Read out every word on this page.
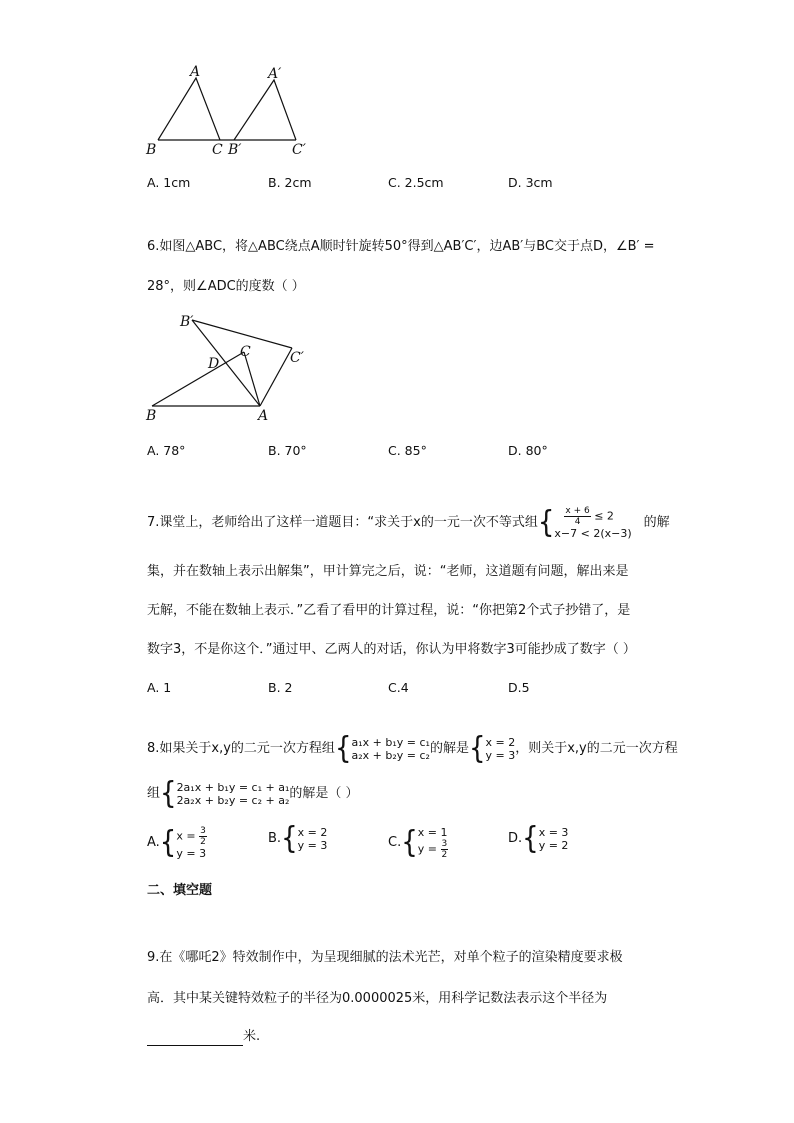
A	A′
B	C B′	C′
A. 1cm	B. 2cm	C. 2.5cm	D. 3cm
6.如图△ABC，将△ABC绕点A顺时针旋转50°得到△AB′C′，边AB′与BC交于点D，∠B′ =
28°，则∠ADC的度数（ ）
B′
C	C′
D
B	A
A. 78°	B. 70°	C. 85°	D. 80°
7.课堂上，老师给出了这样一道题目：“求关于x的一元一次不等式组 { $\frac{x + 6}{4} \le 2$
x−7 < 2(x−3)
的解
集，并在数轴上表示出解集”，甲计算完之后，说：“老师，这道题有问题，解出来是
无解，不能在数轴上表示．”乙看了看甲的计算过程，说：“你把第2个式子抄错了，是
数字3，不是你这个．”通过甲、乙两人的对话，你认为甲将数字3可能抄成了数字（ ）
A. 1	B. 2	C.4	D.5
8.如果关于x,y的二元一次方程组 { a₁x + b₁y = c₁
a₂x + b₂y = c₂ 的解是 { x = 2
y = 3 ，则关于x,y的二元一次方程
组 { 2a₁x + b₁y = c₁ + a₁
2a₂x + b₂y = c₂ + a₂ 的解是（ ）
A. { $x = \frac{3}{2}$
y = 3
B. { x = 2
y = 3	C. { x = 1
$y = \frac{3}{2}$
D. { x = 3
y = 2
二、填空题
9.在《哪吒2》特效制作中，为呈现细腻的法术光芒，对单个粒子的渲染精度要求极
高．其中某关键特效粒子的半径为0.0000025米，用科学记数法表示这个半径为
米.
